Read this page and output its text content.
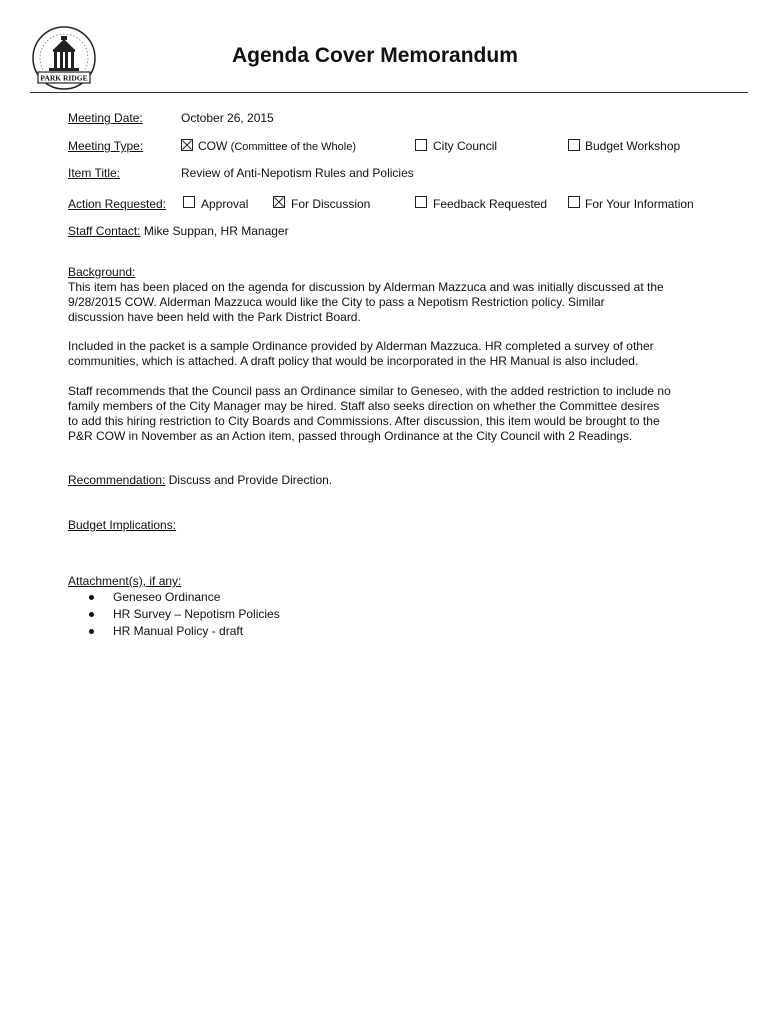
PARK RIDGE
Agenda Cover Memorandum
Meeting Date:	October 26, 2015
Meeting Type:	COW (Committee of the Whole)	City Council	Budget Workshop
Item Title:	Review of Anti-Nepotism Rules and Policies
Action Requested:	Approval	For Discussion	Feedback Requested	For Your Information
Staff Contact: Mike Suppan, HR Manager
Background:
This item has been placed on the agenda for discussion by Alderman Mazzuca and was initially discussed at the
9/28/2015 COW. Alderman Mazzuca would like the City to pass a Nepotism Restriction policy. Similar
discussion have been held with the Park District Board.
Included in the packet is a sample Ordinance provided by Alderman Mazzuca. HR completed a survey of other
communities, which is attached. A draft policy that would be incorporated in the HR Manual is also included.
Staff recommends that the Council pass an Ordinance similar to Geneseo, with the added restriction to include no
family members of the City Manager may be hired. Staff also seeks direction on whether the Committee desires
to add this hiring restriction to City Boards and Commissions. After discussion, this item would be brought to the
P&R COW in November as an Action item, passed through Ordinance at the City Council with 2 Readings.
Recommendation: Discuss and Provide Direction.
Budget Implications:
Attachment(s), if any:
Geneseo Ordinance
HR Survey – Nepotism Policies
HR Manual Policy - draft
